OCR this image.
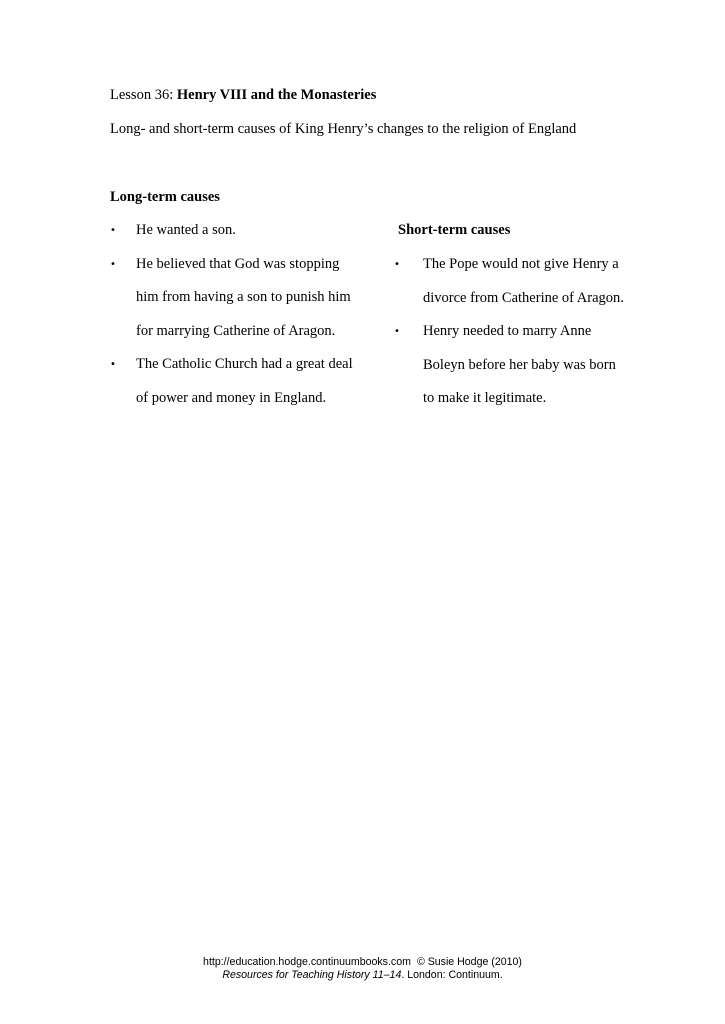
Lesson 36: Henry VIII and the Monasteries
Long- and short-term causes of King Henry’s changes to the religion of England
Long-term causes
• He wanted a son.
• He believed that God was stopping him from having a son to punish him for marrying Catherine of Aragon.
• The Catholic Church had a great deal of power and money in England.
Short-term causes
• The Pope would not give Henry a divorce from Catherine of Aragon.
• Henry needed to marry Anne Boleyn before her baby was born to make it legitimate.
http://education.hodge.continuumbooks.com © Susie Hodge (2010)
Resources for Teaching History 11–14. London: Continuum.
